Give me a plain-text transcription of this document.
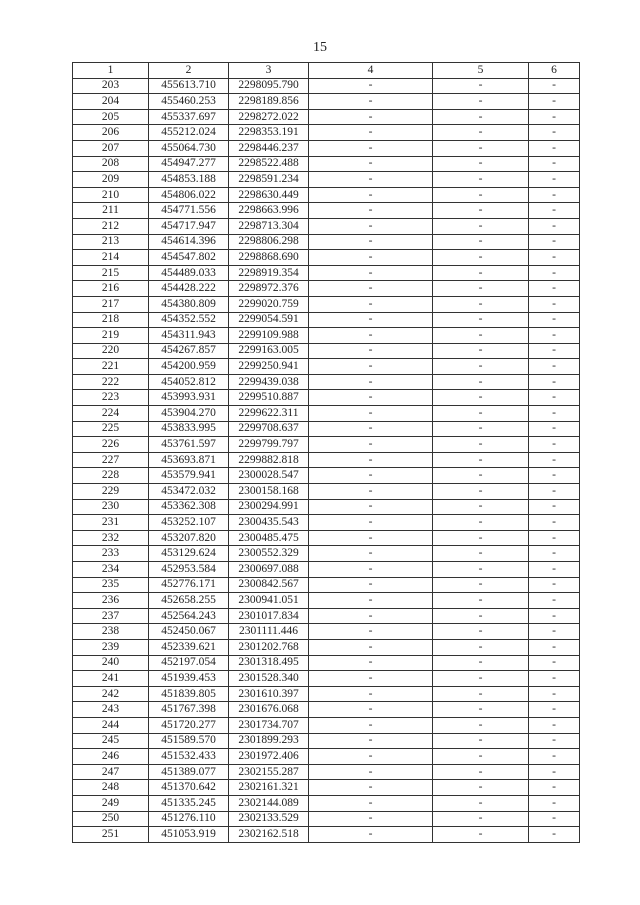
15
1	2	3	4	5	6
203	455613.710	2298095.790	-	-	-
204	455460.253	2298189.856	-	-	-
205	455337.697	2298272.022	-	-	-
206	455212.024	2298353.191	-	-	-
207	455064.730	2298446.237	-	-	-
208	454947.277	2298522.488	-	-	-
209	454853.188	2298591.234	-	-	-
210	454806.022	2298630.449	-	-	-
211	454771.556	2298663.996	-	-	-
212	454717.947	2298713.304	-	-	-
213	454614.396	2298806.298	-	-	-
214	454547.802	2298868.690	-	-	-
215	454489.033	2298919.354	-	-	-
216	454428.222	2298972.376	-	-	-
217	454380.809	2299020.759	-	-	-
218	454352.552	2299054.591	-	-	-
219	454311.943	2299109.988	-	-	-
220	454267.857	2299163.005	-	-	-
221	454200.959	2299250.941	-	-	-
222	454052.812	2299439.038	-	-	-
223	453993.931	2299510.887	-	-	-
224	453904.270	2299622.311	-	-	-
225	453833.995	2299708.637	-	-	-
226	453761.597	2299799.797	-	-	-
227	453693.871	2299882.818	-	-	-
228	453579.941	2300028.547	-	-	-
229	453472.032	2300158.168	-	-	-
230	453362.308	2300294.991	-	-	-
231	453252.107	2300435.543	-	-	-
232	453207.820	2300485.475	-	-	-
233	453129.624	2300552.329	-	-	-
234	452953.584	2300697.088	-	-	-
235	452776.171	2300842.567	-	-	-
236	452658.255	2300941.051	-	-	-
237	452564.243	2301017.834	-	-	-
238	452450.067	2301111.446	-	-	-
239	452339.621	2301202.768	-	-	-
240	452197.054	2301318.495	-	-	-
241	451939.453	2301528.340	-	-	-
242	451839.805	2301610.397	-	-	-
243	451767.398	2301676.068	-	-	-
244	451720.277	2301734.707	-	-	-
245	451589.570	2301899.293	-	-	-
246	451532.433	2301972.406	-	-	-
247	451389.077	2302155.287	-	-	-
248	451370.642	2302161.321	-	-	-
249	451335.245	2302144.089	-	-	-
250	451276.110	2302133.529	-	-	-
251	451053.919	2302162.518	-	-	-
